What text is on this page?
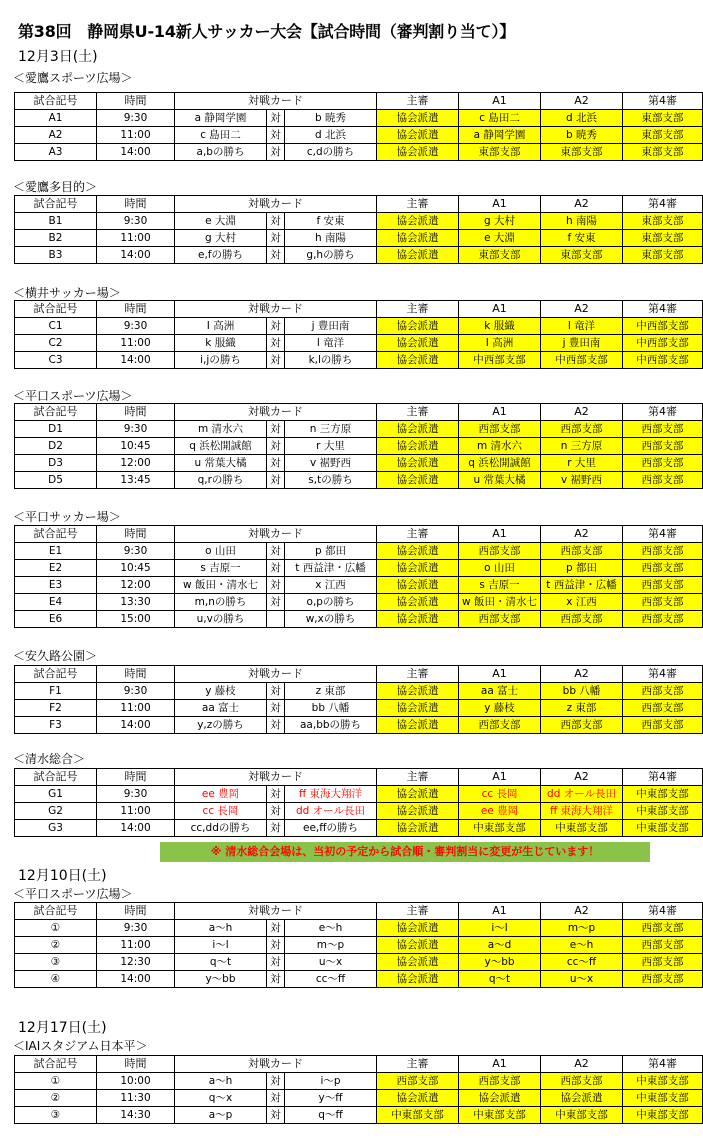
第38回　静岡県U-14新人サッカー大会【試合時間（審判割り当て）】
12月3日(土)
＜愛鷹スポーツ広場＞
試合記号	時間	対戦カード			主審	A1	A2	第4審
A1	9:30	a 静岡学園	対	b 暁秀	協会派遣	c 島田二	d 北浜	東部支部
A2	11:00	c 島田二	対	d 北浜	協会派遣	a 静岡学園	b 暁秀	東部支部
A3	14:00	a,bの勝ち	対	c,dの勝ち	協会派遣	東部支部	東部支部	東部支部
＜愛鷹多目的＞
試合記号	時間	対戦カード			主審	A1	A2	第4審
B1	9:30	e 大淵	対	f 安東	協会派遣	g 大村	h 南陽	東部支部
B2	11:00	g 大村	対	h 南陽	協会派遣	e 大淵	f 安東	東部支部
B3	14:00	e,fの勝ち	対	g,hの勝ち	協会派遣	東部支部	東部支部	東部支部
＜横井サッカー場＞
試合記号	時間	対戦カード			主審	A1	A2	第4審
C1	9:30	I 高洲	対	j 豊田南	協会派遣	k 服織	l 竜洋	中西部支部
C2	11:00	k 服織	対	l 竜洋	協会派遣	I 高洲	j 豊田南	中西部支部
C3	14:00	i,jの勝ち	対	k,lの勝ち	協会派遣	中西部支部	中西部支部	中西部支部
＜平口スポーツ広場＞
試合記号	時間	対戦カード			主審	A1	A2	第4審
D1	9:30	m 清水六	対	n 三方原	協会派遣	西部支部	西部支部	西部支部
D2	10:45	q 浜松開誠館	対	r 大里	協会派遣	m 清水六	n 三方原	西部支部
D3	12:00	u 常葉大橘	対	v 裾野西	協会派遣	q 浜松開誠館	r 大里	西部支部
D5	13:45	q,rの勝ち	対	s,tの勝ち	協会派遣	u 常葉大橘	v 裾野西	西部支部
＜平口サッカー場＞
試合記号	時間	対戦カード			主審	A1	A2	第4審
E1	9:30	o 山田	対	p 都田	協会派遣	西部支部	西部支部	西部支部
E2	10:45	s 吉原一	対	t 西益津・広幡	協会派遣	o 山田	p 都田	西部支部
E3	12:00	w 飯田・清水七	対	x 江西	協会派遣	s 吉原一	t 西益津・広幡	西部支部
E4	13:30	m,nの勝ち	対	o,pの勝ち	協会派遣	w 飯田・清水七	x 江西	西部支部
E6	15:00	u,vの勝ち		w,xの勝ち	協会派遣	西部支部	西部支部	西部支部
＜安久路公園＞
試合記号	時間	対戦カード			主審	A1	A2	第4審
F1	9:30	y 藤枝	対	z 東部	協会派遣	aa 富士	bb 八幡	西部支部
F2	11:00	aa 富士	対	bb 八幡	協会派遣	y 藤枝	z 東部	西部支部
F3	14:00	y,zの勝ち	対	aa,bbの勝ち	協会派遣	西部支部	西部支部	西部支部
＜清水総合＞
試合記号	時間	対戦カード			主審	A1	A2	第4審
G1	9:30	ee 豊岡	対	ff 東海大翔洋	協会派遣	cc 長岡	dd オール長田	中東部支部
G2	11:00	cc 長岡	対	dd オール長田	協会派遣	ee 豊岡	ff 東海大翔洋	中東部支部
G3	14:00	cc,ddの勝ち	対	ee,ffの勝ち	協会派遣	中東部支部	中東部支部	中東部支部
12月10日(土)
＜平口スポーツ広場＞
試合記号	時間	対戦カード			主審	A1	A2	第4審
①	9:30	a〜h	対	e〜h	協会派遣	i〜l	m〜p	西部支部
②	11:00	i〜l	対	m〜p	協会派遣	a〜d	e〜h	西部支部
③	12:30	q〜t	対	u〜x	協会派遣	y〜bb	cc〜ff	西部支部
④	14:00	y〜bb	対	cc〜ff	協会派遣	q〜t	u〜x	西部支部
12月17日(土)
＜IAIスタジアム日本平＞
試合記号	時間	対戦カード			主審	A1	A2	第4審
①	10:00	a〜h	対	i〜p	西部支部	西部支部	西部支部	中東部支部
②	11:30	q〜x	対	y〜ff	協会派遣	協会派遣	協会派遣	中東部支部
③	14:30	a〜p	対	q〜ff	中東部支部	中東部支部	中東部支部	中東部支部
※ 清水総合会場は、当初の予定から試合順・審判割当に変更が生じています！
